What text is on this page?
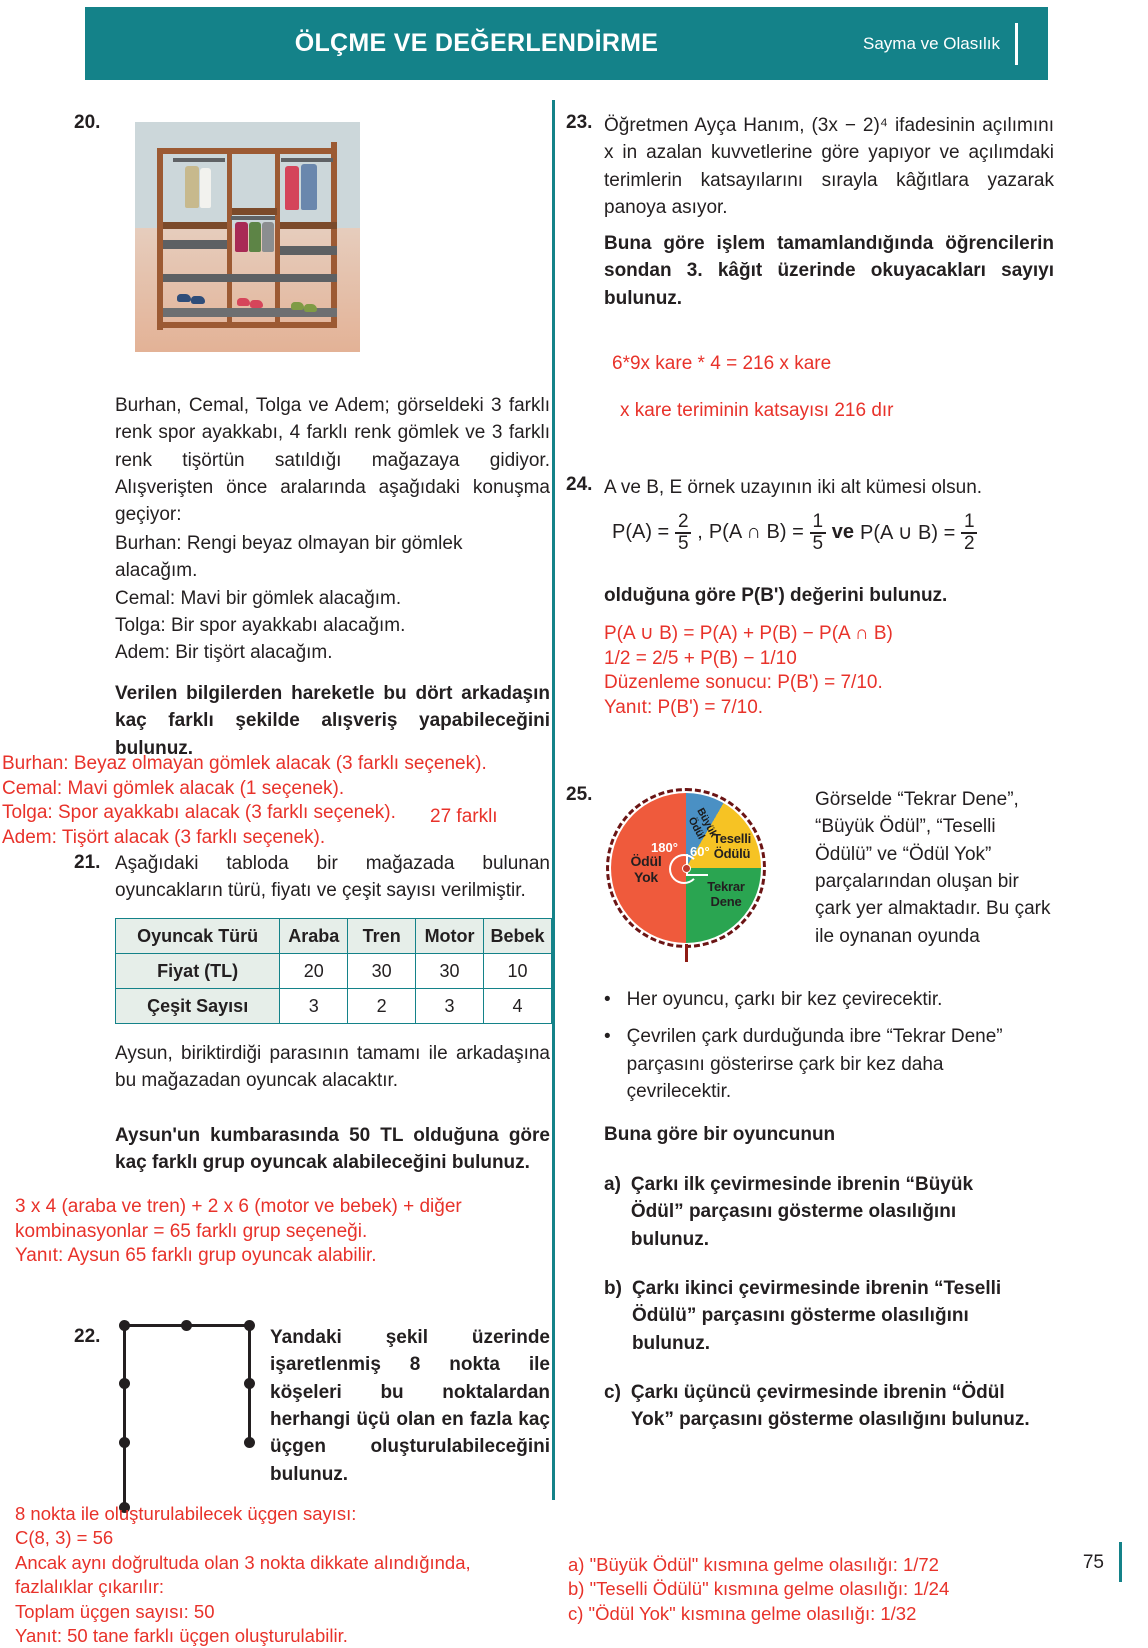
ÖLÇME VE DEĞERLENDİRME	Sayma ve Olasılık
20.
Burhan, Cemal, Tolga ve Adem; görseldeki 3 farklı renk spor ayakkabı, 4 farklı renk gömlek ve 3 farklı renk tişörtün satıldığı mağazaya gidiyor. Alışverişten önce aralarında aşağıdaki konuşma geçiyor:
Burhan: Rengi beyaz olmayan bir gömlek alacağım.
Cemal: Mavi bir gömlek alacağım.
Tolga: Bir spor ayakkabı alacağım.
Adem: Bir tişört alacağım.
Verilen bilgilerden hareketle bu dört arkadaşın kaç farklı şekilde alışveriş yapabileceğini bulunuz.
Burhan: Beyaz olmayan gömlek alacak (3 farklı seçenek).
Cemal: Mavi gömlek alacak (1 seçenek).
Tolga: Spor ayakkabı alacak (3 farklı seçenek).
Adem: Tişört alacak (3 farklı seçenek).
27 farklı
21. Aşağıdaki tabloda bir mağazada bulunan oyuncakların türü, fiyatı ve çeşit sayısı verilmiştir.
Oyuncak Türü	Araba	Tren	Motor	Bebek
Fiyat (TL)	20	30	30	10
Çeşit Sayısı	3	2	3	4
Aysun, biriktirdiği parasının tamamı ile arkadaşına bu mağazadan oyuncak alacaktır.
Aysun'un kumbarasında 50 TL olduğuna göre kaç farklı grup oyuncak alabileceğini bulunuz.
3 x 4 (araba ve tren) + 2 x 6 (motor ve bebek) + diğer
kombinasyonlar = 65 farklı grup seçeneği.
Yanıt: Aysun 65 farklı grup oyuncak alabilir.
22.	Yandaki şekil üzerinde işaretlenmiş 8 nokta ile köşeleri bu noktalardan herhangi üçü olan en fazla kaç üçgen oluşturulabileceğini bulunuz.
8 nokta ile oluşturulabilecek üçgen sayısı:
C(8, 3) = 56
Ancak aynı doğrultuda olan 3 nokta dikkate alındığında,
fazlalıklar çıkarılır:
Toplam üçgen sayısı: 50
Yanıt: 50 tane farklı üçgen oluşturulabilir.
23. Öğretmen Ayça Hanım, (3x − 2)⁴ ifadesinin açılımını x in azalan kuvvetlerine göre yapıyor ve açılımdaki terimlerin katsayılarını sırayla kâğıtlara yazarak panoya asıyor.
Buna göre işlem tamamlandığında öğrencilerin sondan 3. kâğıt üzerinde okuyacakları sayıyı bulunuz.
6*9x kare * 4 = 216 x kare
x kare teriminin katsayısı 216 dır
24. A ve B, E örnek uzayının iki alt kümesi olsun.
P(A) = 2
5 , P(A ∩ B) = 1
5 ve P(A ∪ B) =
1
2
olduğuna göre P(B') değerini bulunuz.
P(A ∪ B) = P(A) + P(B) − P(A ∩ B)
1/2 = 2/5 + P(B) − 1/10
Düzenleme sonucu: P(B') = 7/10.
Yanıt: P(B') = 7/10.
25.
Ödül
Yok
Büyük Ödül Teselli
Ödülü
Tekrar
Dene
180° 60°
Görselde “Tekrar Dene”, “Büyük Ödül”, “Teselli Ödülü” ve “Ödül Yok” parçalarından oluşan bir çark yer almaktadır. Bu çark ile oynanan oyunda
• Her oyuncu, çarkı bir kez çevirecektir.
• Çevrilen çark durduğunda ibre “Tekrar Dene” parçasını gösterirse çark bir kez daha çevrilecektir.
Buna göre bir oyuncunun
a) Çarkı ilk çevirmesinde ibrenin “Büyük Ödül” parçasını gösterme olasılığını bulunuz.
b) Çarkı ikinci çevirmesinde ibrenin “Teselli Ödülü” parçasını gösterme olasılığını bulunuz.
c) Çarkı üçüncü çevirmesinde ibrenin “Ödül Yok” parçasını gösterme olasılığını bulunuz.
a) "Büyük Ödül" kısmına gelme olasılığı: 1/72
b) "Teselli Ödülü" kısmına gelme olasılığı: 1/24
c) "Ödül Yok" kısmına gelme olasılığı: 1/32
75
